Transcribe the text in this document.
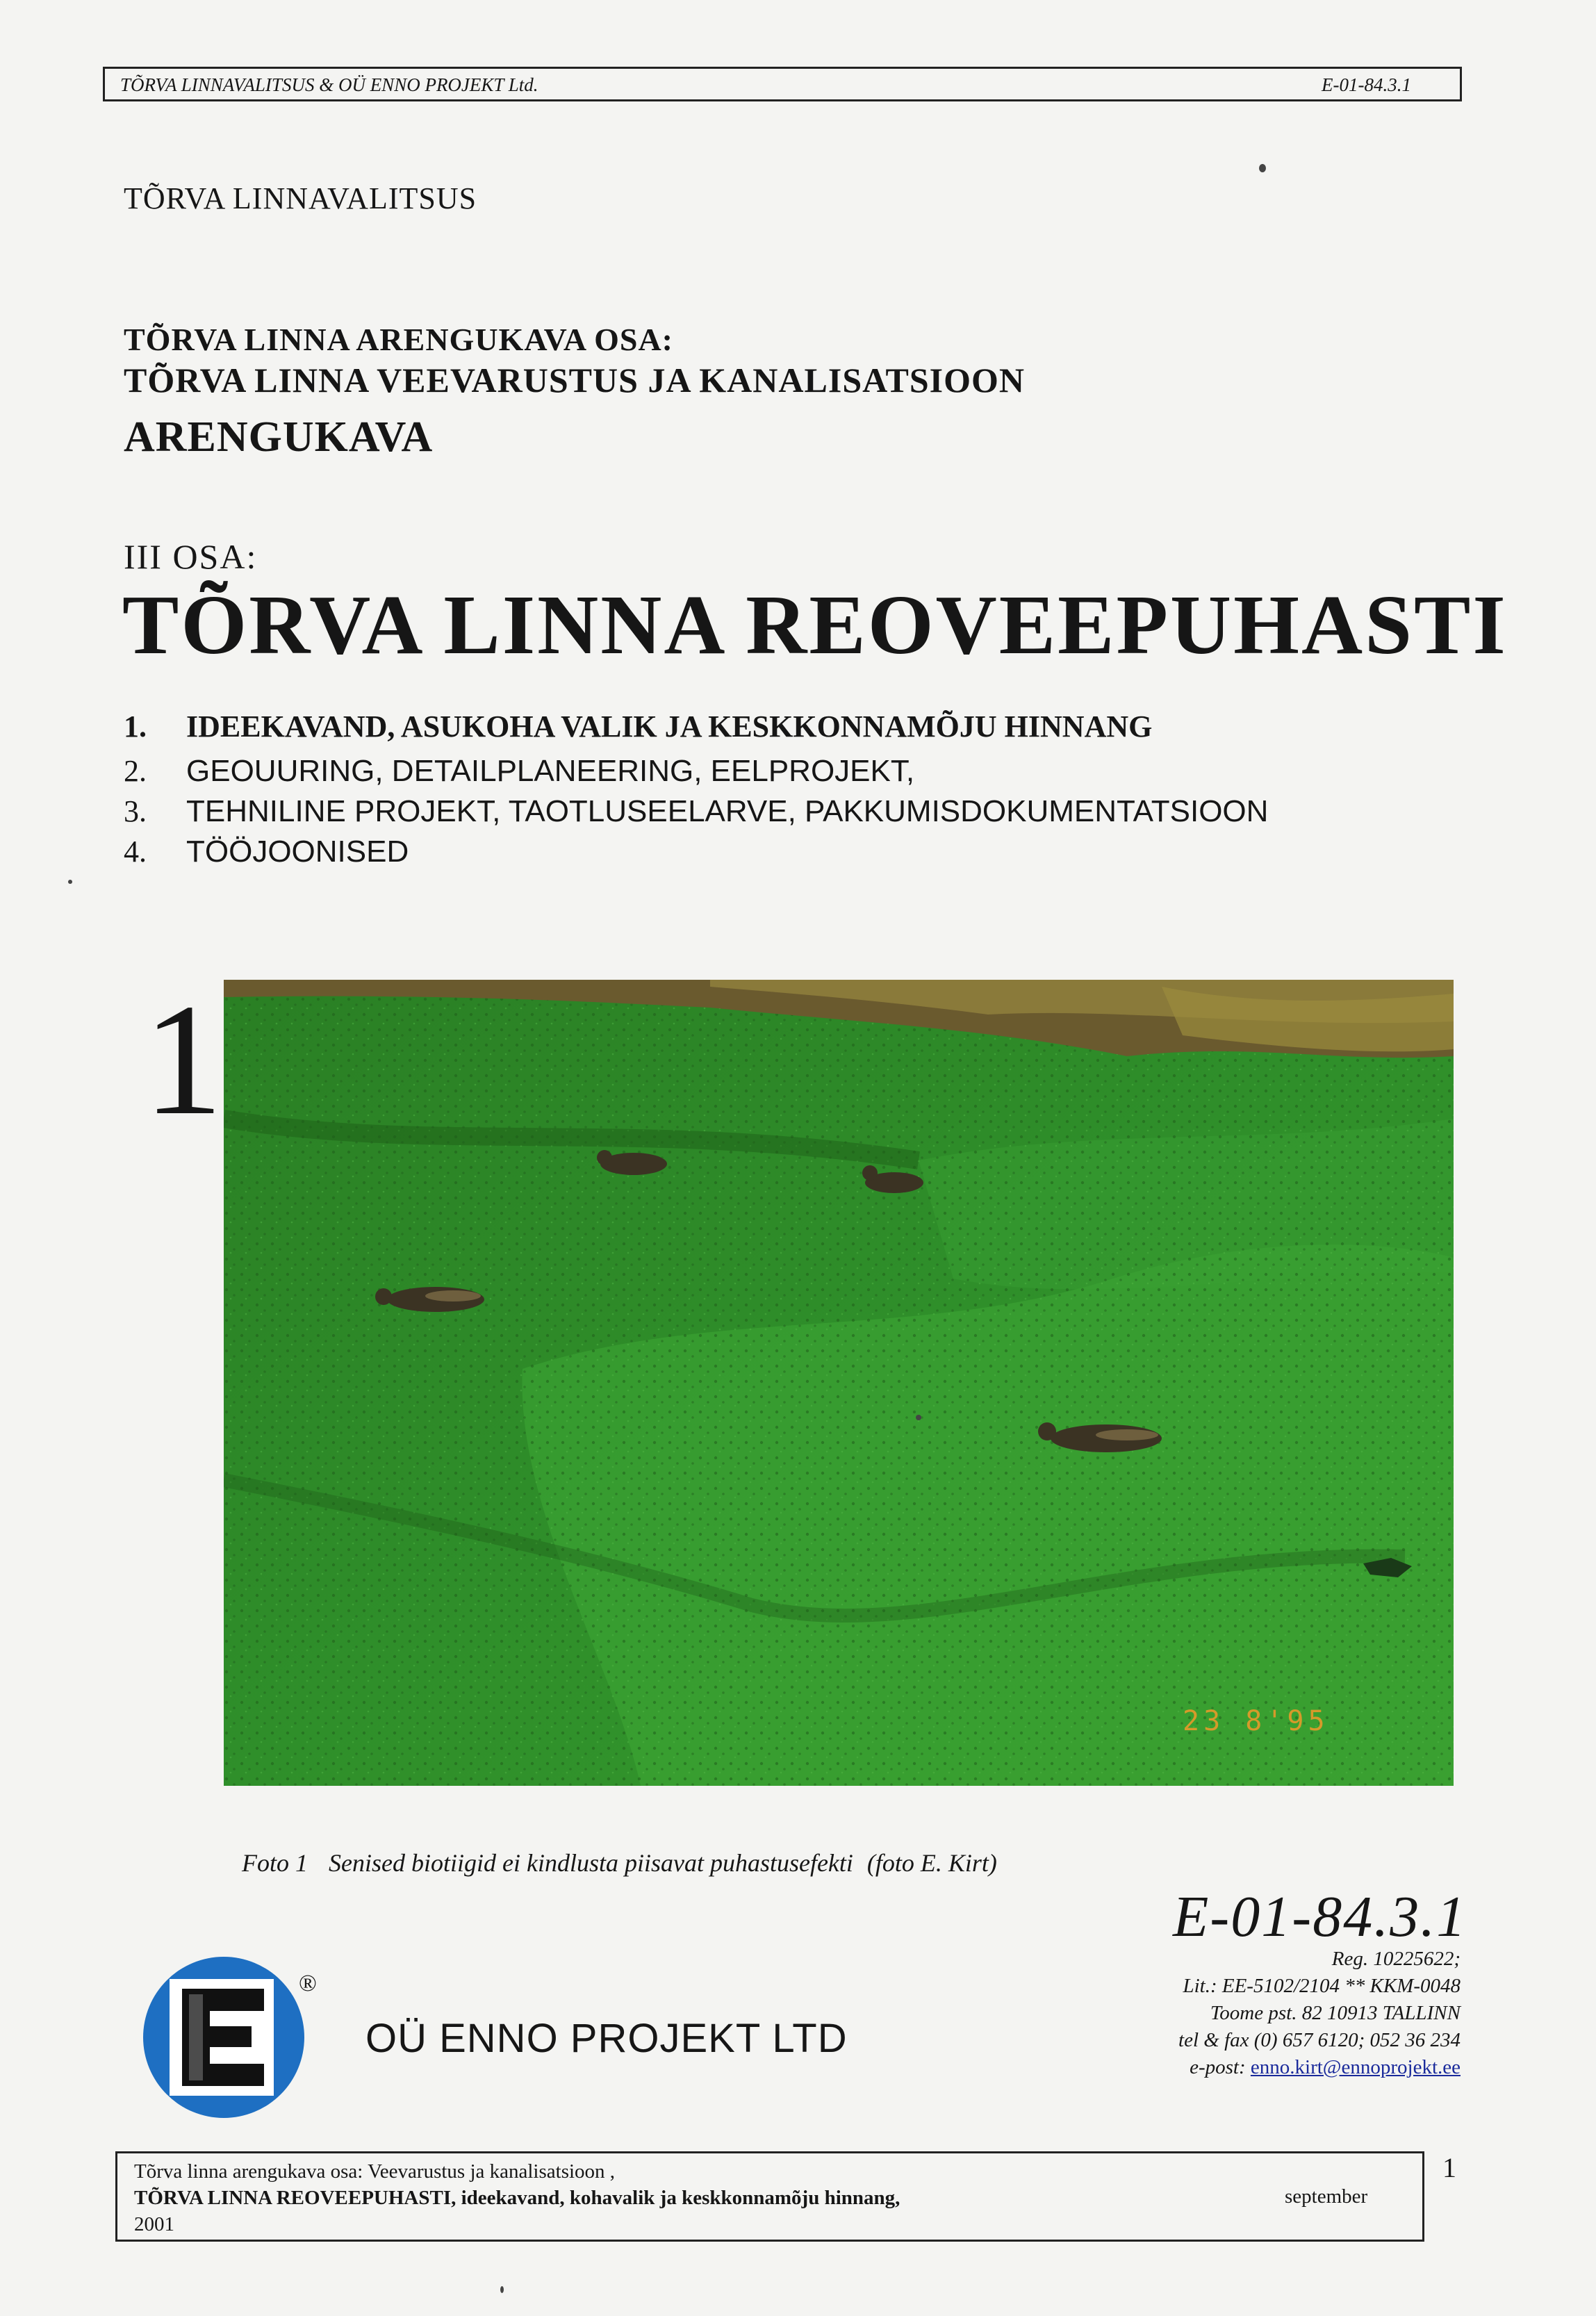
TÕRVA LINNAVALITSUS & OÜ ENNO PROJEKT Ltd.	E-01-84.3.1
TÕRVA LINNAVALITSUS
TÕRVA LINNA ARENGUKAVA OSA:
TÕRVA LINNA VEEVARUSTUS JA KANALISATSIOON
ARENGUKAVA
III OSA:
TÕRVA LINNA REOVEEPUHASTI
1. IDEEKAVAND, ASUKOHA VALIK JA KESKKONNAMÕJU HINNANG
2. GEOUURING, DETAILPLANEERING, EELPROJEKT,
3. TEHNILINE PROJEKT, TAOTLUSEELARVE, PAKKUMISDOKUMENTATSIOON
4. TÖÖJOONISED
1
23 8'95
Foto 1 Senised biotiigid ei kindlusta piisavat puhastusefekti (foto E. Kirt)
E-01-84.3.1
Reg. 10225622;
Lit.: EE-5102/2104 ** KKM-0048
Toome pst. 82 10913 TALLINN
tel & fax (0) 657 6120; 052 36 234
e-post: enno.kirt@ennoprojekt.ee
®
OÜ ENNO PROJEKT LTD
Tõrva linna arengukava osa: Veevarustus ja kanalisatsioon ,
TÕRVA LINNA REOVEEPUHASTI, ideekavand, kohavalik ja keskkonnamõju hinnang,
2001
september
1
